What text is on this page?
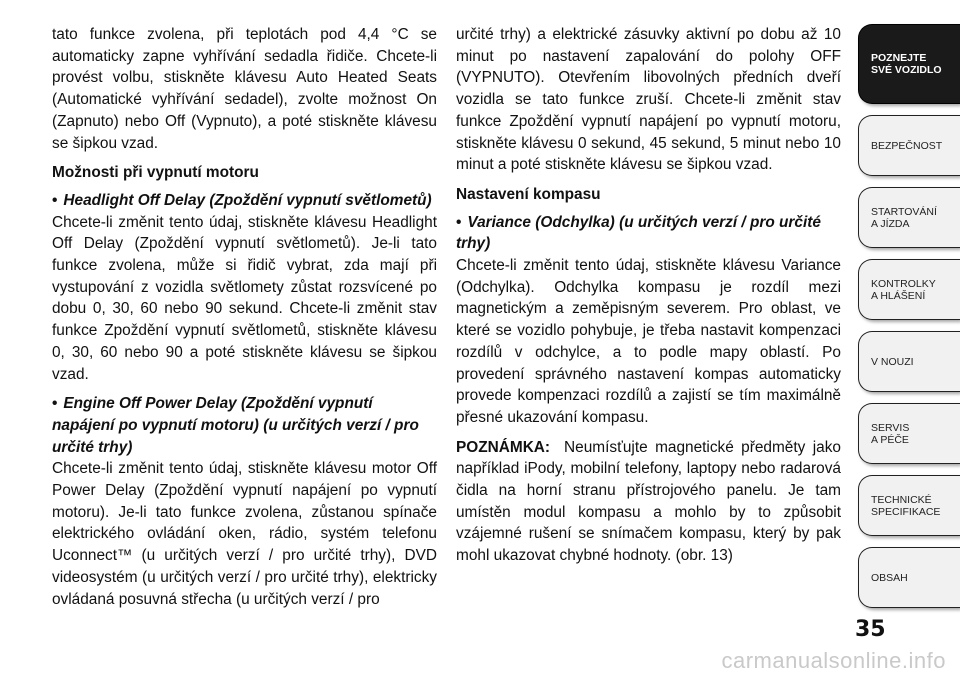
tato funkce zvolena, při teplotách pod 4,4 °C se automaticky zapne vyhřívání sedadla řidiče. Chcete-li provést volbu, stiskněte klávesu Auto Heated Seats (Automatické vyhřívání sedadel), zvolte možnost On (Zapnuto) nebo Off (Vypnuto), a poté stiskněte klávesu se šipkou vzad.

Možnosti při vypnutí motoru

• Headlight Off Delay (Zpoždění vypnutí světlometů)

Chcete-li změnit tento údaj, stiskněte klávesu Headlight Off Delay (Zpoždění vypnutí světlometů). Je-li tato funkce zvolena, může si řidič vybrat, zda mají při vystupování z vozidla světlomety zůstat rozsvícené po dobu 0, 30, 60 nebo 90 sekund. Chcete-li změnit stav funkce Zpoždění vypnutí světlometů, stiskněte klávesu 0, 30, 60 nebo 90 a poté stiskněte klávesu se šipkou vzad.

• Engine Off Power Delay (Zpoždění vypnutí napájení po vypnutí motoru) (u určitých verzí / pro určité trhy)

Chcete-li změnit tento údaj, stiskněte klávesu motor Off Power Delay (Zpoždění vypnutí napájení po vypnutí motoru). Je-li tato funkce zvolena, zůstanou spínače elektrického ovládání oken, rádio, systém telefonu Uconnect™ (u určitých verzí / pro určité trhy), DVD videosystém (u určitých verzí / pro určité trhy), elektricky ovládaná posuvná střecha (u určitých verzí / pro

určité trhy) a elektrické zásuvky aktivní po dobu až 10 minut po nastavení zapalování do polohy OFF (VYPNUTO). Otevřením libovolných předních dveří vozidla se tato funkce zruší. Chcete-li změnit stav funkce Zpoždění vypnutí napájení po vypnutí motoru, stiskněte klávesu 0 sekund, 45 sekund, 5 minut nebo 10 minut a poté stiskněte klávesu se šipkou vzad.

Nastavení kompasu

• Variance (Odchylka) (u určitých verzí / pro určité trhy)

Chcete-li změnit tento údaj, stiskněte klávesu Variance (Odchylka). Odchylka kompasu je rozdíl mezi magnetickým a zeměpisným severem. Pro oblast, ve které se vozidlo pohybuje, je třeba nastavit kompenzaci rozdílů v odchylce, a to podle mapy oblastí. Po provedení správného nastavení kompas automaticky provede kompenzaci rozdílů a zajistí se tím maximálně přesné ukazování kompasu.

POZNÁMKA: Neumísťujte magnetické předměty jako například iPody, mobilní telefony, laptopy nebo radarová čidla na horní stranu přístrojového panelu. Je tam umístěn modul kompasu a mohlo by to způsobit vzájemné rušení se snímačem kompasu, který by pak mohl ukazovat chybné hodnoty. (obr. 13)

POZNEJTE
SVÉ VOZIDLO
BEZPEČNOST
STARTOVÁNÍ
A JÍZDA
KONTROLKY
A HLÁŠENÍ
V NOUZI
SERVIS
A PÉČE
TECHNICKÉ
SPECIFIKACE
OBSAH
35
carmanualsonline.info
